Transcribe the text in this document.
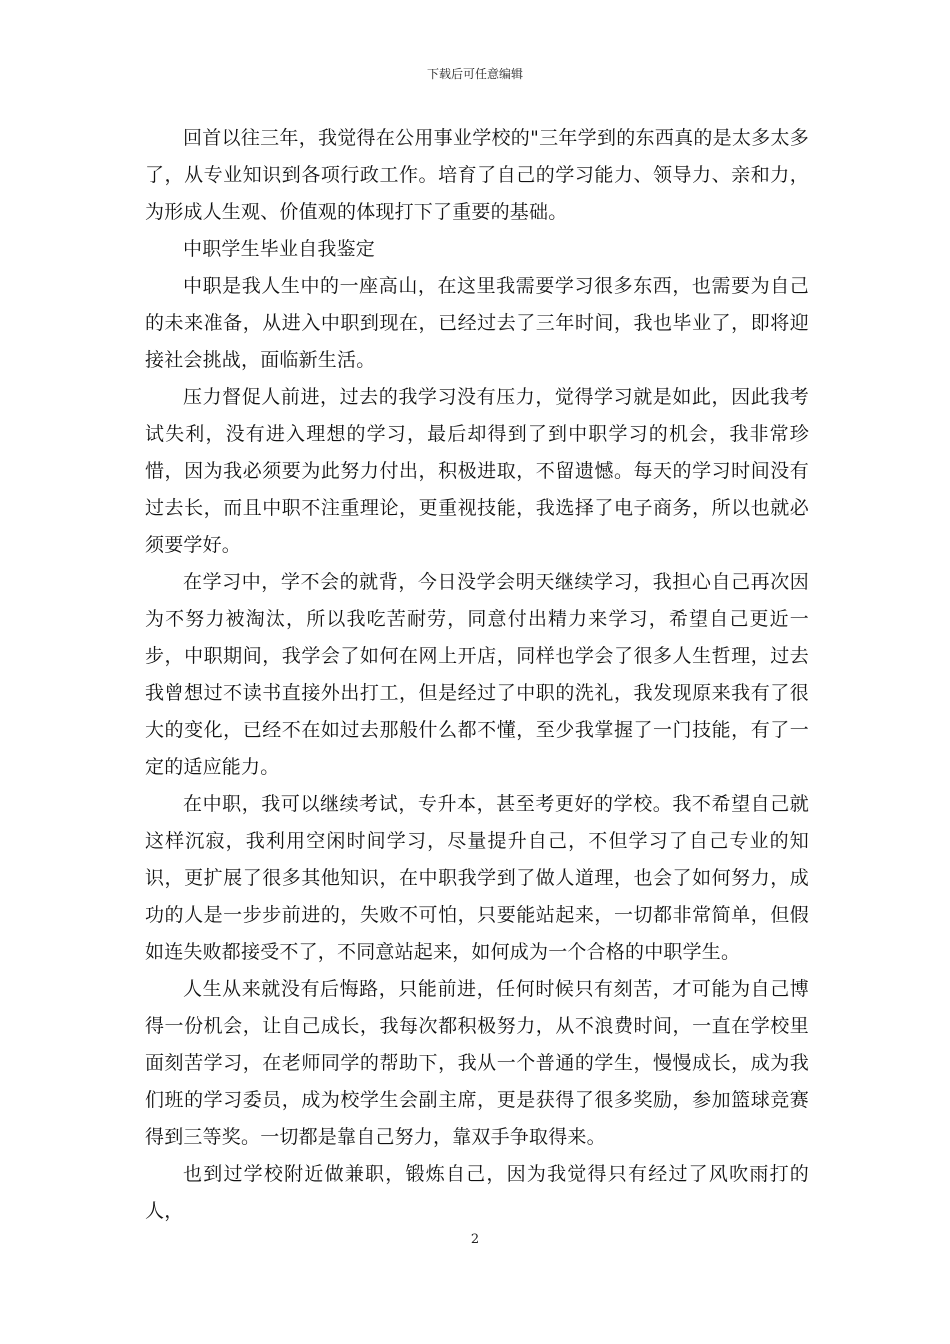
下载后可任意编辑

回首以往三年，我觉得在公用事业学校的"三年学到的东西真的是太多太多了，从专业知识到各项行政工作。培育了自己的学习能力、领导力、亲和力，为形成人生观、价值观的体现打下了重要的基础。

中职学生毕业自我鉴定

中职是我人生中的一座高山，在这里我需要学习很多东西，也需要为自己的未来准备，从进入中职到现在，已经过去了三年时间，我也毕业了，即将迎接社会挑战，面临新生活。

压力督促人前进，过去的我学习没有压力，觉得学习就是如此，因此我考试失利，没有进入理想的学习，最后却得到了到中职学习的机会，我非常珍惜，因为我必须要为此努力付出，积极进取，不留遗憾。每天的学习时间没有过去长，而且中职不注重理论，更重视技能，我选择了电子商务，所以也就必须要学好。

在学习中，学不会的就背，今日没学会明天继续学习，我担心自己再次因为不努力被淘汰，所以我吃苦耐劳，同意付出精力来学习，希望自己更近一步，中职期间，我学会了如何在网上开店，同样也学会了很多人生哲理，过去我曾想过不读书直接外出打工，但是经过了中职的洗礼，我发现原来我有了很大的变化，已经不在如过去那般什么都不懂，至少我掌握了一门技能，有了一定的适应能力。

在中职，我可以继续考试，专升本，甚至考更好的学校。我不希望自己就这样沉寂，我利用空闲时间学习，尽量提升自己，不但学习了自己专业的知识，更扩展了很多其他知识，在中职我学到了做人道理，也会了如何努力，成功的人是一步步前进的，失败不可怕，只要能站起来，一切都非常简单，但假如连失败都接受不了，不同意站起来，如何成为一个合格的中职学生。

人生从来就没有后悔路，只能前进，任何时候只有刻苦，才可能为自己博得一份机会，让自己成长，我每次都积极努力，从不浪费时间，一直在学校里面刻苦学习，在老师同学的帮助下，我从一个普通的学生，慢慢成长，成为我们班的学习委员，成为校学生会副主席，更是获得了很多奖励，参加篮球竞赛得到三等奖。一切都是靠自己努力，靠双手争取得来。

也到过学校附近做兼职，锻炼自己，因为我觉得只有经过了风吹雨打的人，

2
